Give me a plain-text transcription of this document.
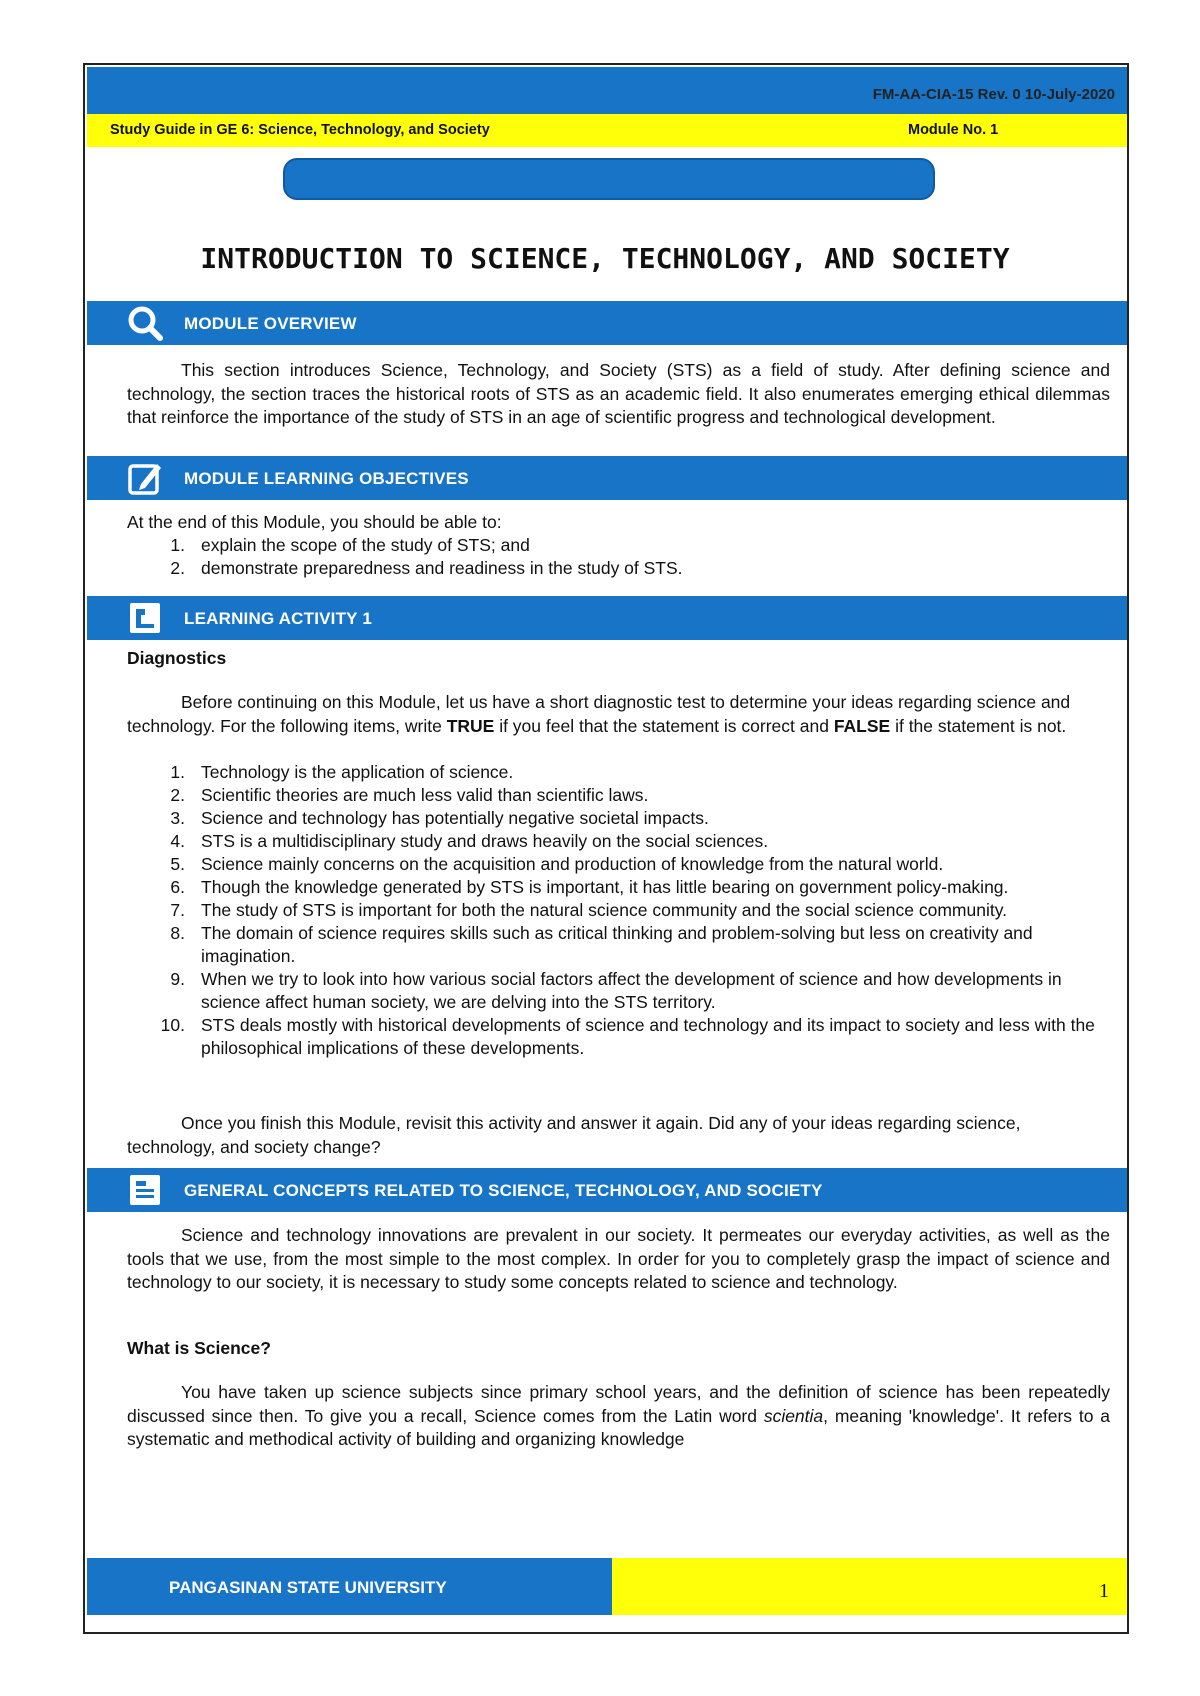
FM-AA-CIA-15 Rev. 0 10-July-2020
Study Guide in GE 6: Science, Technology, and Society	Module No. 1
INTRODUCTION TO SCIENCE, TECHNOLOGY, AND SOCIETY
MODULE OVERVIEW

This section introduces Science, Technology, and Society (STS) as a field of study. After defining science and technology, the section traces the historical roots of STS as an academic field. It also enumerates emerging ethical dilemmas that reinforce the importance of the study of STS in an age of scientific progress and technological development.

MODULE LEARNING OBJECTIVES

At the end of this Module, you should be able to:

1. explain the scope of the study of STS; and
2. demonstrate preparedness and readiness in the study of STS.
LEARNING ACTIVITY 1

Diagnostics

Before continuing on this Module, let us have a short diagnostic test to determine your ideas regarding science and technology. For the following items, write TRUE if you feel that the statement is correct and FALSE if the statement is not.

1. Technology is the application of science.
2. Scientific theories are much less valid than scientific laws.
3. Science and technology has potentially negative societal impacts.
4. STS is a multidisciplinary study and draws heavily on the social sciences.
5. Science mainly concerns on the acquisition and production of knowledge from the natural world.
6. Though the knowledge generated by STS is important, it has little bearing on government policy-making.
7. The study of STS is important for both the natural science community and the social science community.
8. The domain of science requires skills such as critical thinking and problem-solving but less on creativity and imagination.
9. When we try to look into how various social factors affect the development of science and how developments in science affect human society, we are delving into the STS territory.
10. STS deals mostly with historical developments of science and technology and its impact to society and less with the philosophical implications of these developments.

Once you finish this Module, revisit this activity and answer it again. Did any of your ideas regarding science, technology, and society change?

GENERAL CONCEPTS RELATED TO SCIENCE, TECHNOLOGY, AND SOCIETY

Science and technology innovations are prevalent in our society. It permeates our everyday activities, as well as the tools that we use, from the most simple to the most complex. In order for you to completely grasp the impact of science and technology to our society, it is necessary to study some concepts related to science and technology.

What is Science?

You have taken up science subjects since primary school years, and the definition of science has been repeatedly discussed since then. To give you a recall, Science comes from the Latin word scientia, meaning 'knowledge'. It refers to a systematic and methodical activity of building and organizing knowledge

PANGASINAN STATE UNIVERSITY	1
